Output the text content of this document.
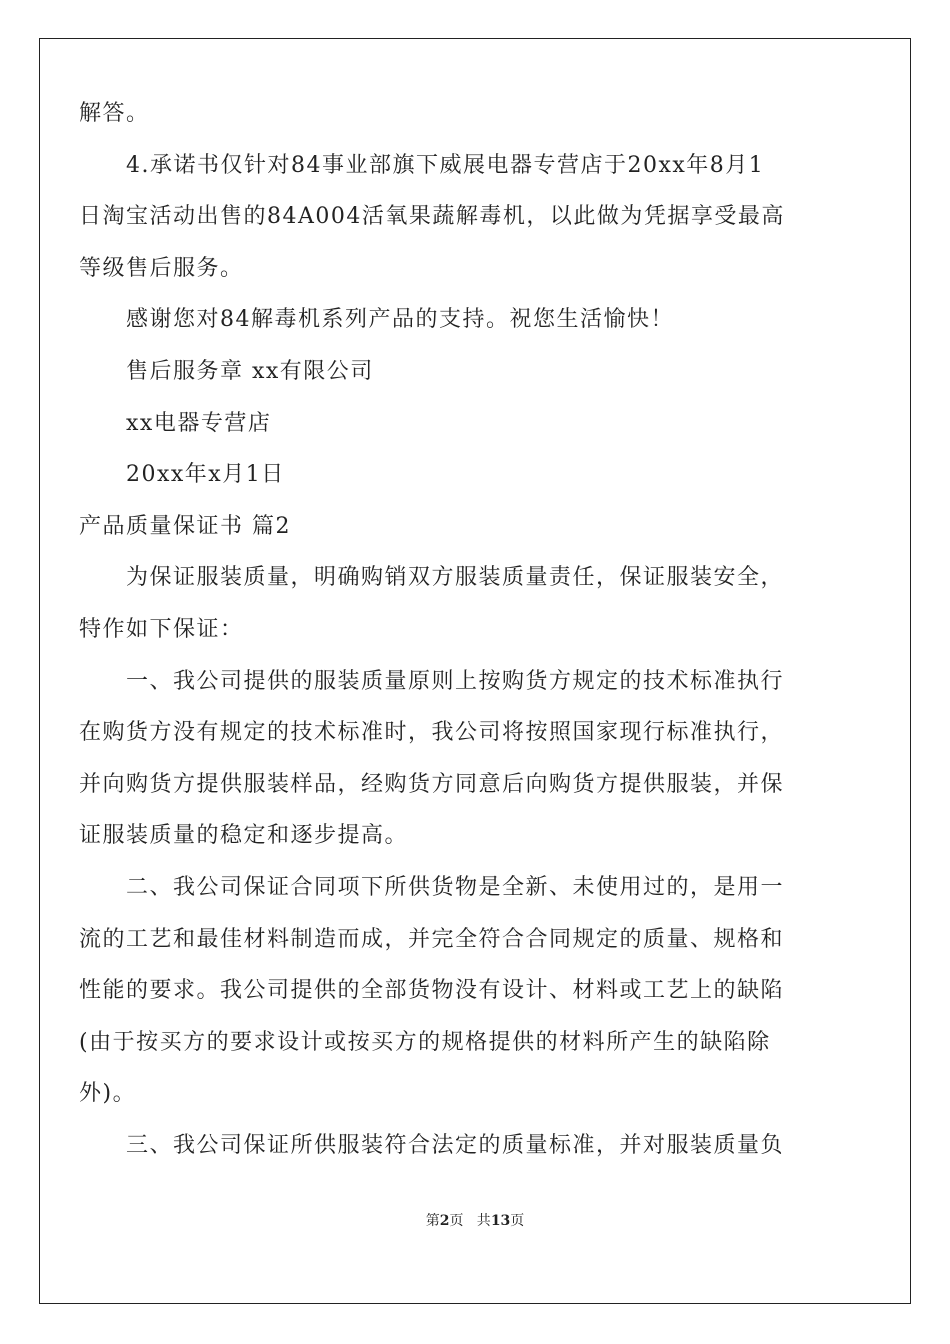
解答。
4.承诺书仅针对84事业部旗下威展电器专营店于20xx年8月1
日淘宝活动出售的84A004活氧果蔬解毒机，以此做为凭据享受最高
等级售后服务。
感谢您对84解毒机系列产品的支持。祝您生活愉快！
售后服务章 xx有限公司
xx电器专营店
20xx年x月1日
产品质量保证书 篇2
为保证服装质量，明确购销双方服装质量责任，保证服装安全，
特作如下保证：
一、我公司提供的服装质量原则上按购货方规定的技术标准执行
在购货方没有规定的技术标准时，我公司将按照国家现行标准执行，
并向购货方提供服装样品，经购货方同意后向购货方提供服装，并保
证服装质量的稳定和逐步提高。
二、我公司保证合同项下所供货物是全新、未使用过的，是用一
流的工艺和最佳材料制造而成，并完全符合合同规定的质量、规格和
性能的要求。我公司提供的全部货物没有设计、材料或工艺上的缺陷
(由于按买方的要求设计或按买方的规格提供的材料所产生的缺陷除
外)。
三、我公司保证所供服装符合法定的质量标准，并对服装质量负
第2页   共13页
